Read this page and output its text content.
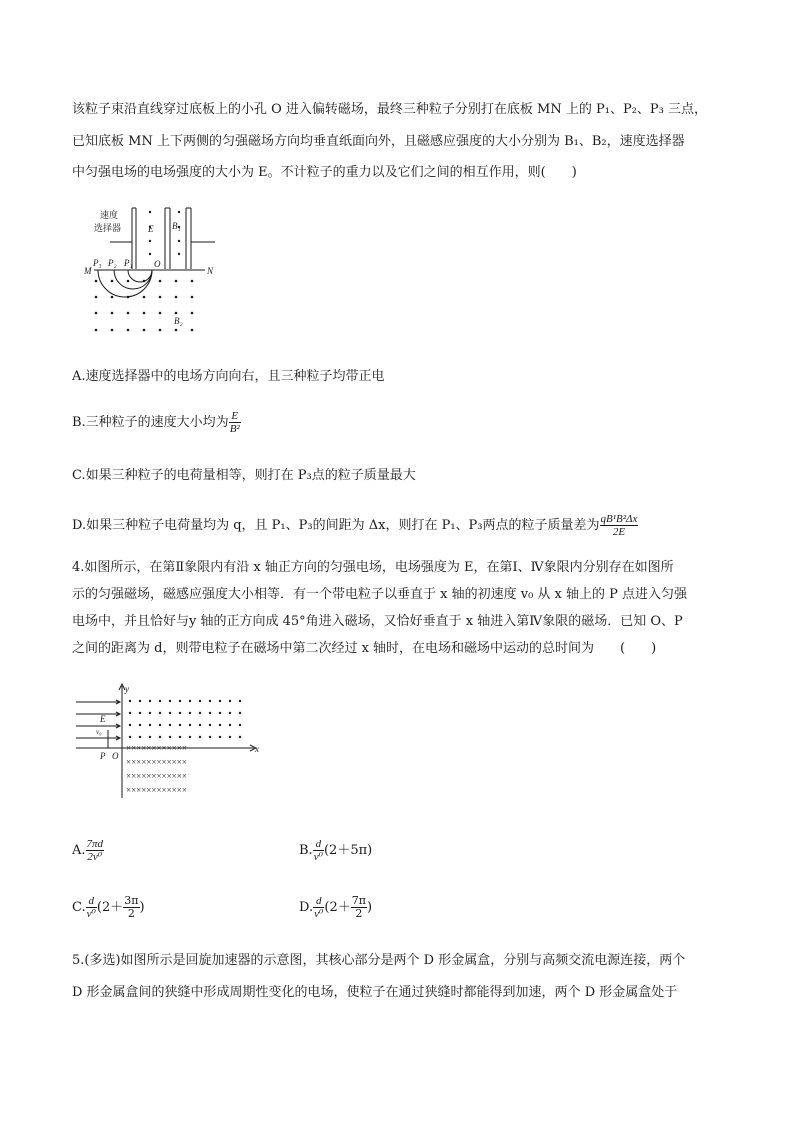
该粒子束沿直线穿过底板上的小孔 O 进入偏转磁场，最终三种粒子分别打在底板 MN 上的 P₁、P₂、P₃ 三点，
已知底板 MN 上下两侧的匀强磁场方向均垂直纸面向外，且磁感应强度的大小分别为 B₁、B₂，速度选择器
中匀强电场的电场强度的大小为 E。不计粒子的重力以及它们之间的相互作用，则(　　)
速度
选择器	E B₁
O
M	N
P₃ P₂ P₁
B₂
A.速度选择器中的电场方向向右，且三种粒子均带正电
B.三种粒子的速度大小均为 $\frac{E}{\text{B²}}$
C.如果三种粒子的电荷量相等，则打在 P₃点的粒子质量最大
D.如果三种粒子电荷量均为 q，且 P₁、P₃的间距为 Δx，则打在 P₁、P₃两点的粒子质量差为 $\frac{\text{qB¹B²Δx}}{2E}$
4.如图所示，在第Ⅱ象限内有沿 x 轴正方向的匀强电场，电场强度为 E，在第Ⅰ、Ⅳ象限内分别存在如图所
示的匀强磁场，磁感应强度大小相等．有一个带电粒子以垂直于 x 轴的初速度 v₀ 从 x 轴上的 P 点进入匀强
电场中，并且恰好与y 轴的正方向成 45°角进入磁场，又恰好垂直于 x 轴进入第Ⅳ象限的磁场．已知 O、P
之间的距离为 d，则带电粒子在磁场中第二次经过 x 轴时，在电场和磁场中运动的总时间为　　(　　)
××××××××××××
××××××××××××
××××××××××××
××××××××××××
y
x
E
v₀
P O
A. $\frac{7\pi d}{\text{2v⁰}}$	B. $\frac{d}{\text{v⁰}} (2+5\pi)$
C. $\frac{d}{\text{v⁰}} (2+ \frac{3\pi}{2}$ )	D. $\frac{d}{\text{v⁰}} (2+ \frac{7\pi}{2}$ )
5.(多选)如图所示是回旋加速器的示意图，其核心部分是两个 D 形金属盒，分别与高频交流电源连接，两个
D 形金属盒间的狭缝中形成周期性变化的电场，使粒子在通过狭缝时都能得到加速，两个 D 形金属盒处于
